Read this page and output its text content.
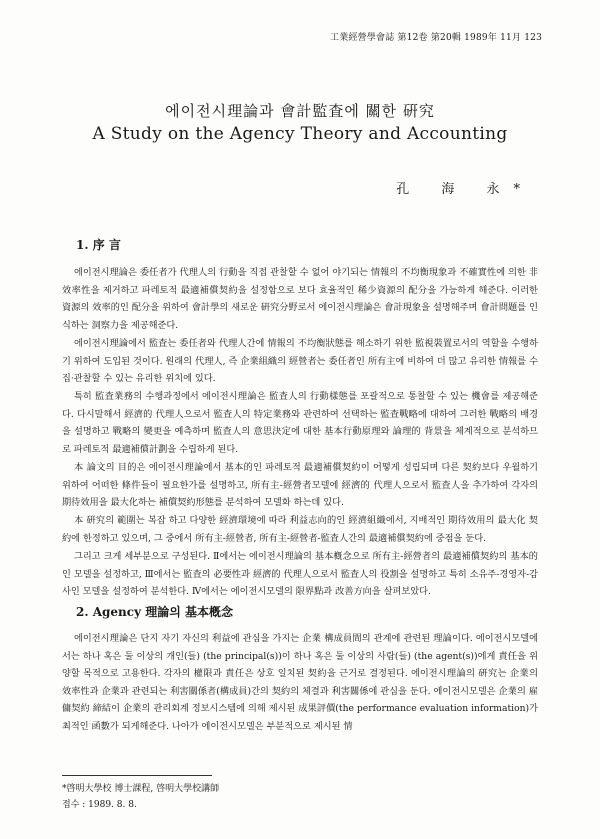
工業經營學會誌 第12卷 第20輯 1989年 11月 123
에이전시理論과 會計監査에 關한 硏究
A Study on the Agency Theory and Accounting
孔 海 永*
1. 序 言

에이전시理論은 委任者가 代理人의 行動을 직접 관찰할 수 없어 야기되는 情報의 不均衡現象과 不確實性에 의한 非效率性을 제거하고 파레토적 最適補償契約을 설정함으로 보다 효율적인 稀少資源의 配分을 가능하게 해준다. 이러한 資源의 效率的인 配分을 위하여 會計學의 새로운 硏究分野로서 에이전시理論은 會計現象을 설명해주며 會計問題를 인식하는 洞察力을 제공해준다.

에이전시理論에서 監査는 委任者와 代理人간에 情報의 不均衡狀態를 해소하기 위한 監視裝置로서의 역할을 수행하기 위하여 도입된 것이다. 원래의 代理人, 즉 企業組織의 經營者는 委任者인 所有主에 비하여 더 많고 유리한 情報를 수집·관찰할 수 있는 유리한 위치에 있다.

특히 監査業務의 수행과정에서 에이전시理論은 監査人의 行動樣態를 포괄적으로 통찰할 수 있는 機會를 제공해준다. 다시말해서 經濟的 代理人으로서 監査人의 特定業務와 관련하여 선택하는 監査戰略에 대하여 그러한 戰略의 배경을 설명하고 戰略의 變更을 예측하며 監査人의 意思決定에 대한 基本行動原理와 論理的 背景을 체계적으로 분석하므로 파레토적 最適補償計劃을 수립하게 된다.

本 論文의 目的은 에이전시理論에서 基本的인 파레토적 最適補償契約이 어떻게 성립되며 다른 契約보다 우월하기 위하여 어떠한 條件들이 필요한가를 설명하고, 所有主-經營者모델에 經濟的 代理人으로서 監査人을 추가하여 각자의 期待效用을 最大化하는 補償契約形態를 분석하여 모델화 하는데 있다.

本 硏究의 範圍는 복잡 하고 다양한 經濟環境에 따라 利益志向的인 經濟組織에서, 지배적인 期待效用의 最大化 契約에 한정하고 있으며, 그 중에서 所有主-經營者, 所有主-經營者-監査人간의 最適補償契約에 중점을 둔다.

그리고 크게 세부분으로 구성된다. Ⅱ에서는 에이전시理論의 基本槪念으로 所有主-經營者의 最適補償契約의 基本的인 모델을 설정하고, Ⅲ에서는 監査의 必要性과 經濟的 代理人으로서 監査人의 役割을 설명하고 특히 소유주-경영자-감사인 모델을 설정하여 분석한다. Ⅳ에서는 에이전시모델의 限界點과 改善方向을 살펴보았다.

2. Agency 理論의 基本槪念

에이전시理論은 단지 자기 자신의 利益에 관심을 가지는 企業 構成員間의 관계에 관련된 理論이다. 에이전시모델에서는 하나 혹은 둘 이상의 개인(들) (the principal(s))이 하나 혹은 둘 이상의 사람(들) (the agent(s))에게 責任을 위양할 목적으로 고용한다. 각자의 權限과 責任은 상호 일치된 契約을 근거로 결정된다. 에이전시理論의 硏究는 企業의 效率性과 企業과 관련되는 利害關係者(構成員)간의 契約의 체결과 利害關係에 관심을 둔다. 에이전시모델은 企業의 雇傭契約 締結이 企業의 관리회계 정보시스템에 의해 제시된 成果評價(the performance evaluation information)가 최적인 函數가 되게해준다. 나아가 에이전시모델은 부분적으로 제시된 情

*啓明大學校 博士課程, 啓明大學校講師
접수 : 1989. 8. 8.
